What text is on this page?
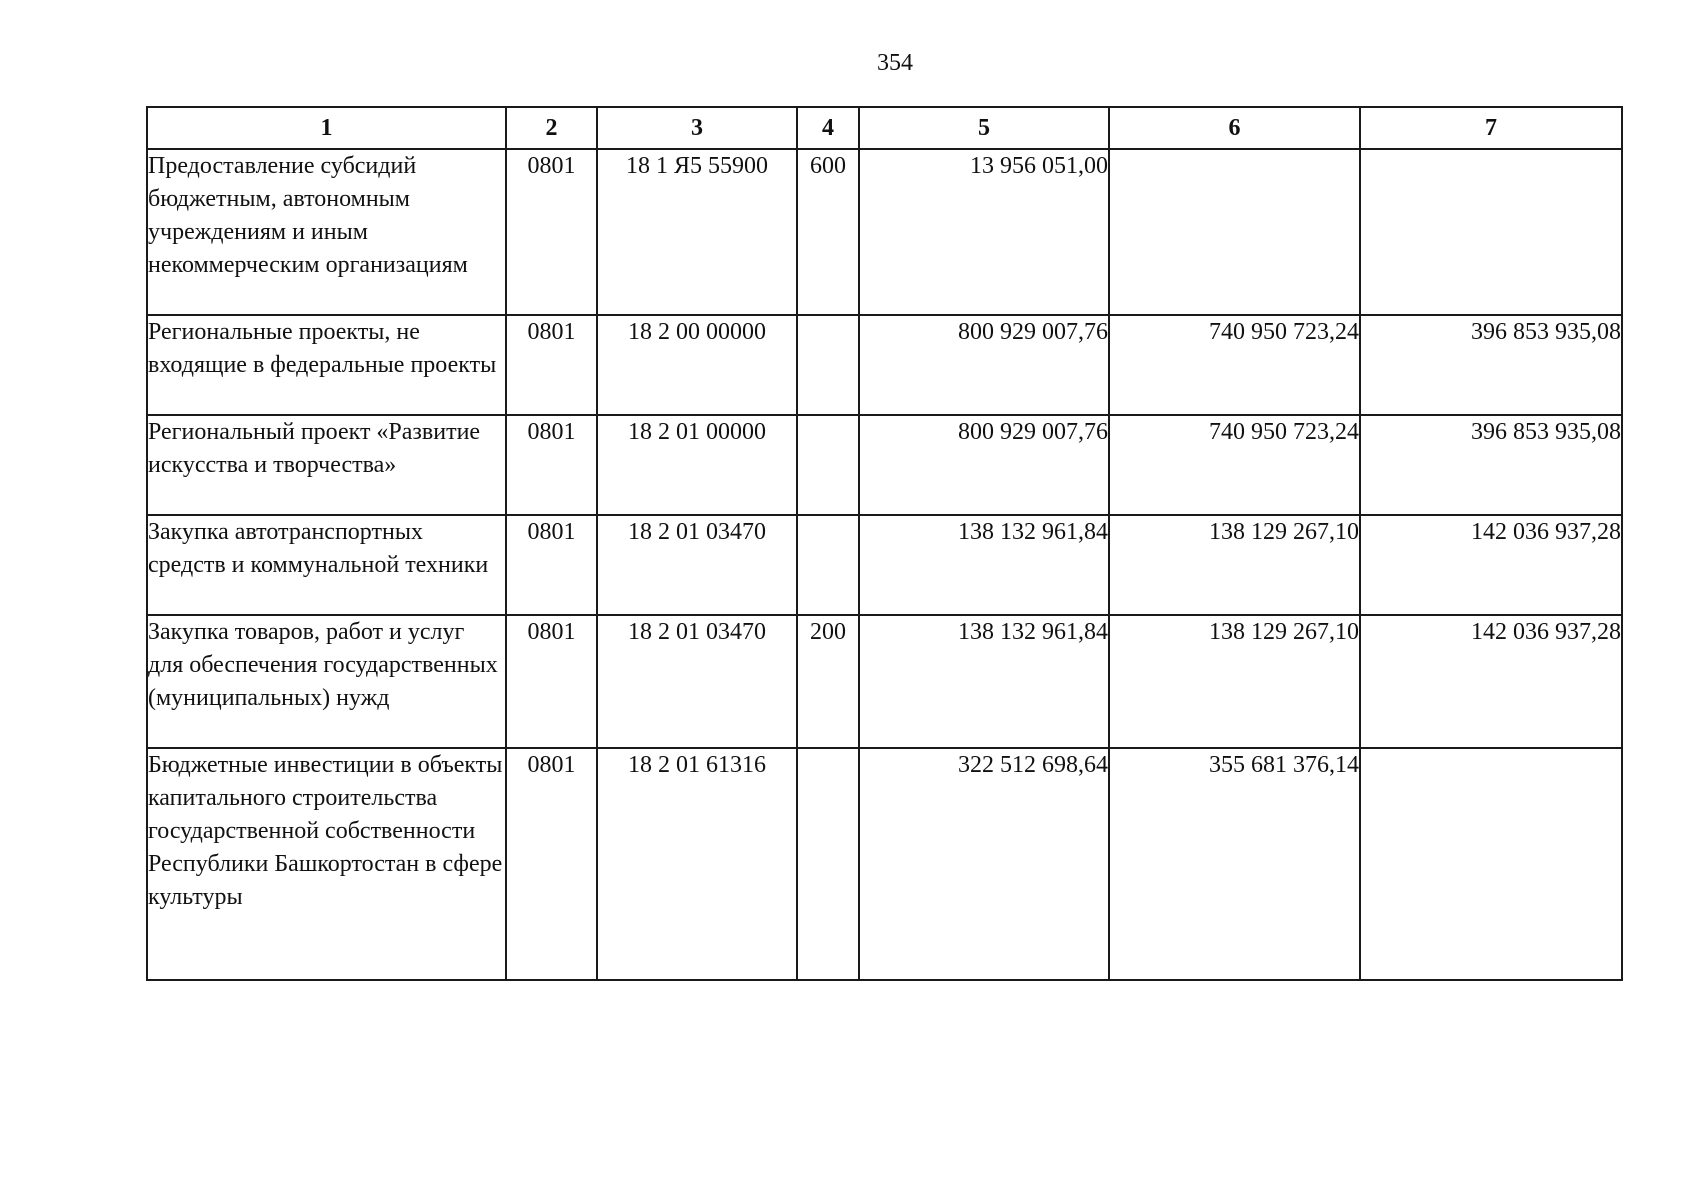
354
1	2	3	4	5	6	7
Предоставление субсидий бюджетным, автономным учреждениям и иным некоммерческим организациям	0801	18 1 Я5 55900	600	13 956 051,00		
Региональные проекты, не входящие в федеральные проекты	0801	18 2 00 00000		800 929 007,76	740 950 723,24	396 853 935,08
Региональный проект «Развитие искусства и творчества»	0801	18 2 01 00000		800 929 007,76	740 950 723,24	396 853 935,08
Закупка автотранспортных средств и коммунальной техники	0801	18 2 01 03470		138 132 961,84	138 129 267,10	142 036 937,28
Закупка товаров, работ и услуг для обеспечения государственных (муниципальных) нужд	0801	18 2 01 03470	200	138 132 961,84	138 129 267,10	142 036 937,28
Бюджетные инвестиции в объекты капитального строительства государственной собственности Республики Башкортостан в сфере культуры	0801	18 2 01 61316		322 512 698,64	355 681 376,14	
